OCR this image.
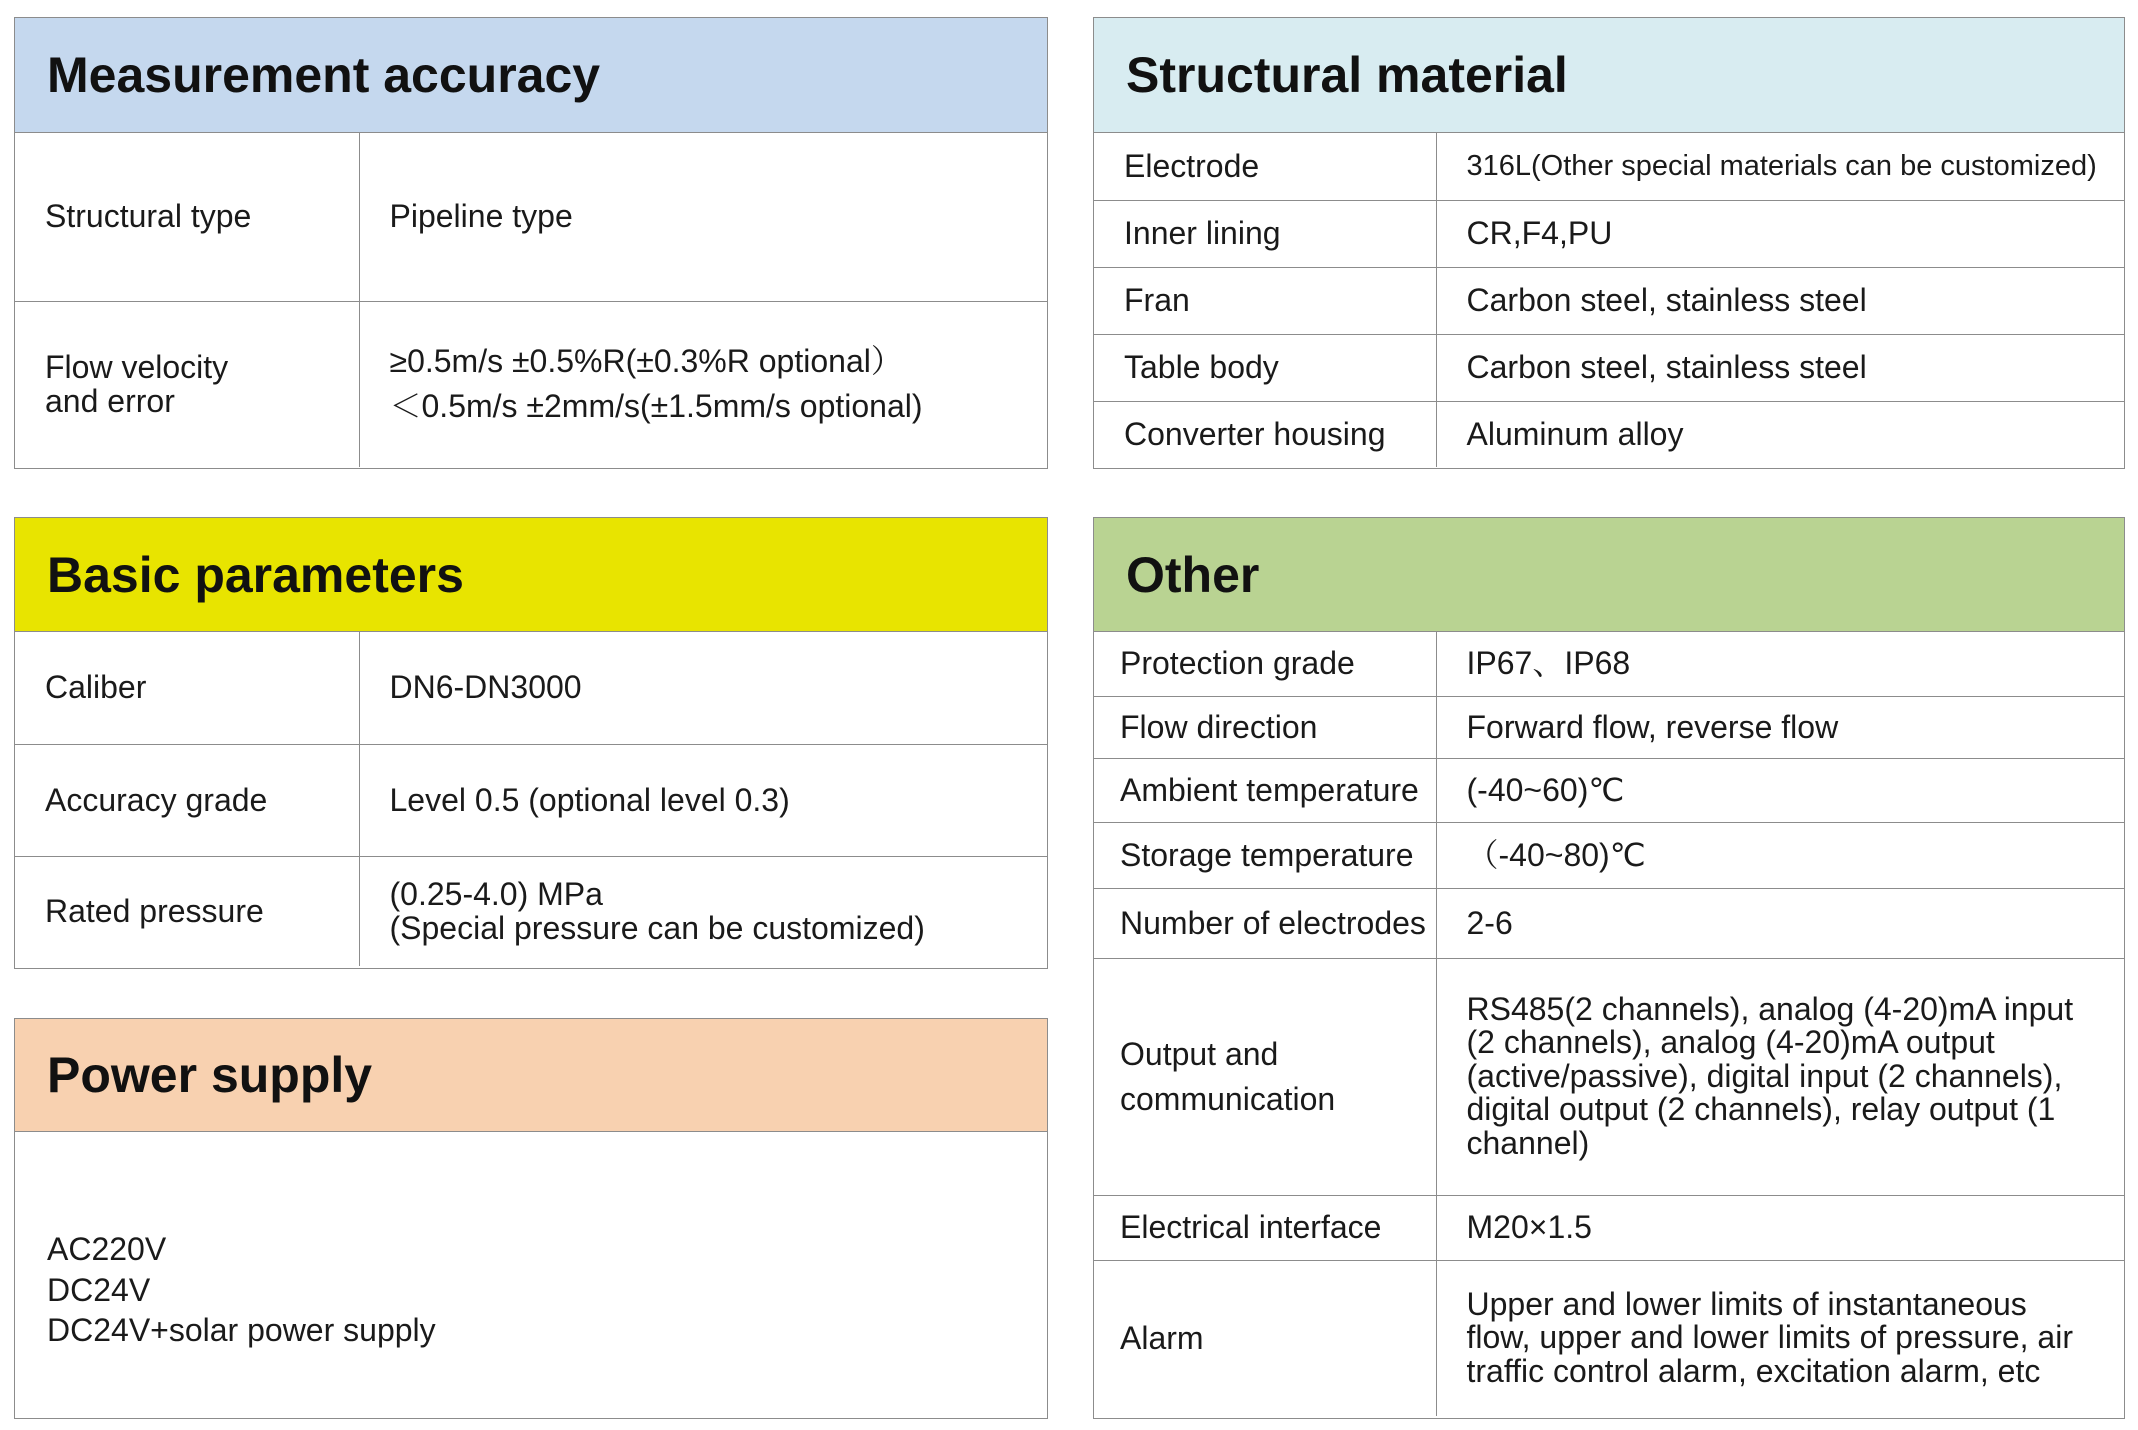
Measurement accuracy
Structural type	Pipeline type

Flow velocity
and error	≥0.5m/s ±0.5%R(±0.3%R optional）
＜0.5m/s ±2mm/s(±1.5mm/s optional)
Basic parameters
Caliber	DN6-DN3000

Accuracy grade	Level 0.5 (optional level 0.3)

Rated pressure	(0.25-4.0) MPa
(Special pressure can be customized)
Power supply
AC220V
DC24V
DC24V+solar power supply
Structural material
Electrode	316L(Other special materials can be customized)
Inner lining	CR,F4,PU
Fran	Carbon steel, stainless steel
Table body	Carbon steel, stainless steel
Converter housing	Aluminum alloy
Other
Protection grade	IP67、IP68

Flow direction	Forward flow, reverse flow

Ambient temperature	(-40~60)℃

Storage temperature	（-40~80)℃

Number of electrodes	2-6

Output and
communication	RS485(2 channels), analog (4-20)mA input
(2 channels), analog (4-20)mA output
(active/passive), digital input (2 channels),
digital output (2 channels), relay output (1
channel)

Electrical interface	M20×1.5

Alarm	Upper and lower limits of instantaneous
flow, upper and lower limits of pressure, air
traffic control alarm, excitation alarm, etc
